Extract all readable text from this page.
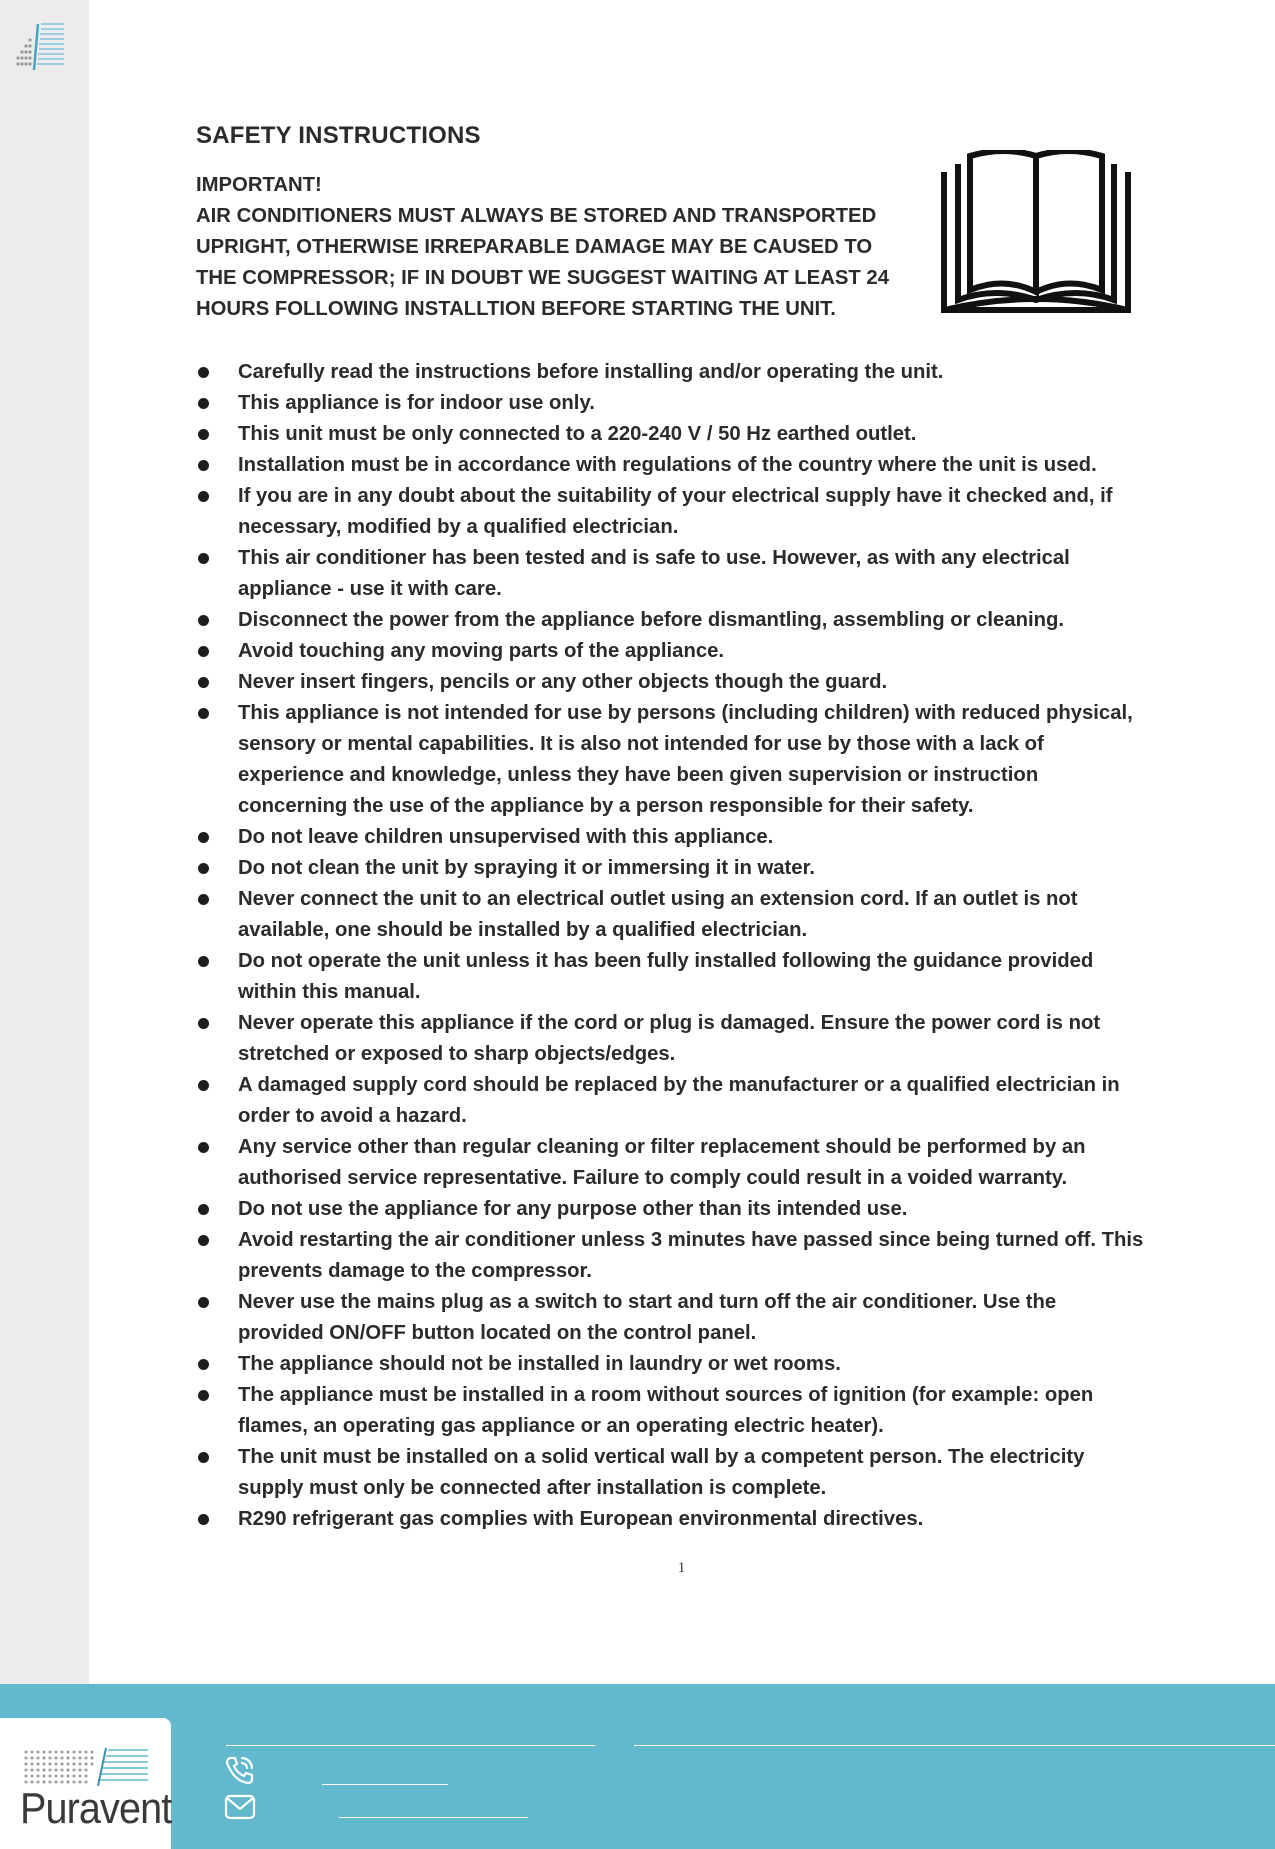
SAFETY INSTRUCTIONS
IMPORTANT!
AIR CONDITIONERS MUST ALWAYS BE STORED AND TRANSPORTED
UPRIGHT, OTHERWISE IRREPARABLE DAMAGE MAY BE CAUSED TO
THE COMPRESSOR; IF IN DOUBT WE SUGGEST WAITING AT LEAST 24
HOURS FOLLOWING INSTALLTION BEFORE STARTING THE UNIT.
Carefully read the instructions before installing and/or operating the unit.
This appliance is for indoor use only.
This unit must be only connected to a 220-240 V / 50 Hz earthed outlet.
Installation must be in accordance with regulations of the country where the unit is used.
If you are in any doubt about the suitability of your electrical supply have it checked and, if
necessary, modified by a qualified electrician.
This air conditioner has been tested and is safe to use. However, as with any electrical
appliance - use it with care.
Disconnect the power from the appliance before dismantling, assembling or cleaning.
Avoid touching any moving parts of the appliance.
Never insert fingers, pencils or any other objects though the guard.
This appliance is not intended for use by persons (including children) with reduced physical,
sensory or mental capabilities. It is also not intended for use by those with a lack of
experience and knowledge, unless they have been given supervision or instruction
concerning the use of the appliance by a person responsible for their safety.
Do not leave children unsupervised with this appliance.
Do not clean the unit by spraying it or immersing it in water.
Never connect the unit to an electrical outlet using an extension cord. If an outlet is not
available, one should be installed by a qualified electrician.
Do not operate the unit unless it has been fully installed following the guidance provided
within this manual.
Never operate this appliance if the cord or plug is damaged. Ensure the power cord is not
stretched or exposed to sharp objects/edges.
A damaged supply cord should be replaced by the manufacturer or a qualified electrician in
order to avoid a hazard.
Any service other than regular cleaning or filter replacement should be performed by an
authorised service representative. Failure to comply could result in a voided warranty.
Do not use the appliance for any purpose other than its intended use.
Avoid restarting the air conditioner unless 3 minutes have passed since being turned off. This
prevents damage to the compressor.
Never use the mains plug as a switch to start and turn off the air conditioner. Use the
provided ON/OFF button located on the control panel.
The appliance should not be installed in laundry or wet rooms.
The appliance must be installed in a room without sources of ignition (for example: open
flames, an operating gas appliance or an operating electric heater).
The unit must be installed on a solid vertical wall by a competent person. The electricity
supply must only be connected after installation is complete.
R290 refrigerant gas complies with European environmental directives.
1
Puravent
